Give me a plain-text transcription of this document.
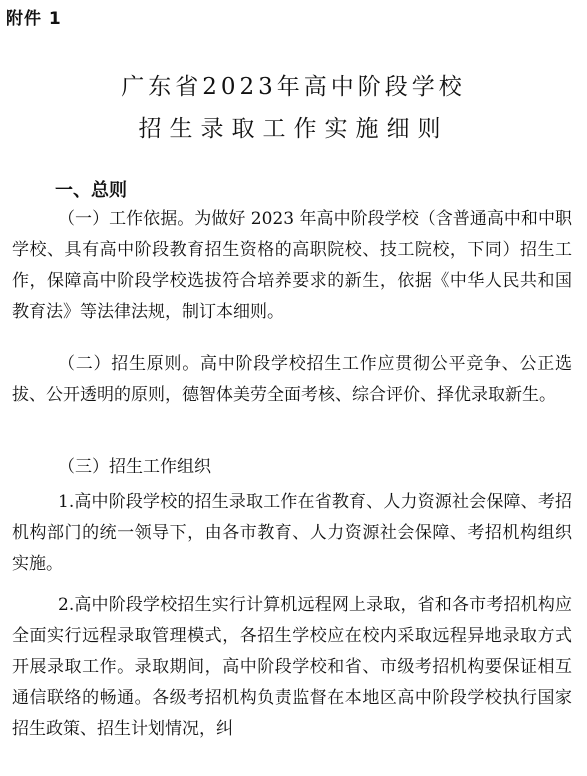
附件 1
广东省2023年高中阶段学校
招生录取工作实施细则
一、总则
（一）工作依据。为做好 2023 年高中阶段学校（含普通高中和中职学校、具有高中阶段教育招生资格的高职院校、技工院校，下同）招生工作，保障高中阶段学校选拔符合培养要求的新生，依据《中华人民共和国教育法》等法律法规，制订本细则。
（二）招生原则。高中阶段学校招生工作应贯彻公平竞争、公正选拔、公开透明的原则，德智体美劳全面考核、综合评价、择优录取新生。
（三）招生工作组织
1.高中阶段学校的招生录取工作在省教育、人力资源社会保障、考招机构部门的统一领导下，由各市教育、人力资源社会保障、考招机构组织实施。
2.高中阶段学校招生实行计算机远程网上录取，省和各市考招机构应全面实行远程录取管理模式，各招生学校应在校内采取远程异地录取方式开展录取工作。录取期间，高中阶段学校和省、市级考招机构要保证相互通信联络的畅通。各级考招机构负责监督在本地区高中阶段学校执行国家招生政策、招生计划情况，纠
